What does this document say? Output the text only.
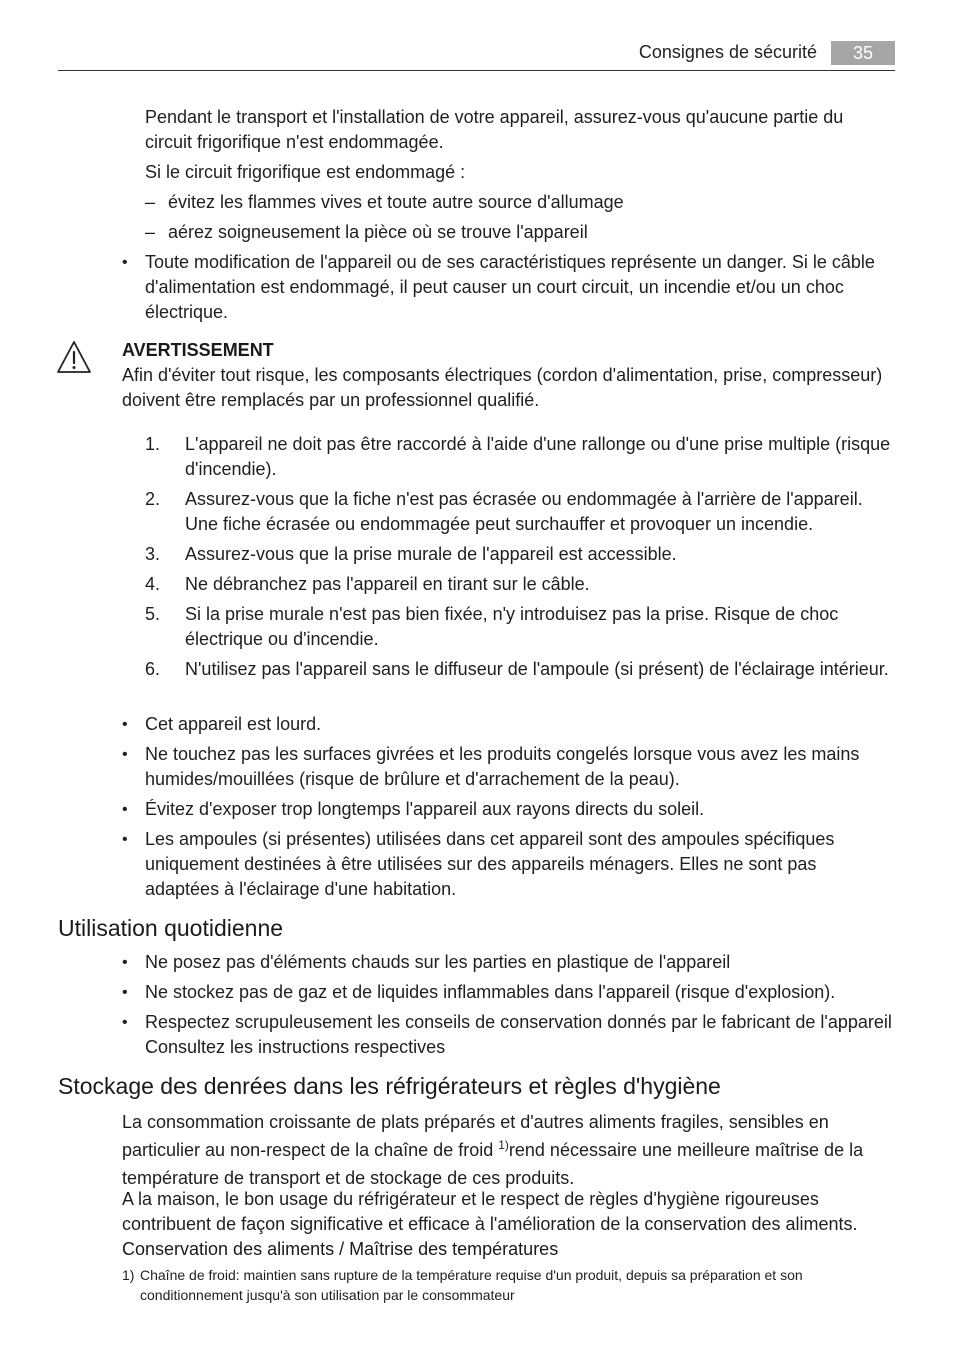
Consignes de sécurité	35
Pendant le transport et l'installation de votre appareil, assurez-vous qu'aucune partie du circuit frigorifique n'est endommagée.
Si le circuit frigorifique est endommagé :
– évitez les flammes vives et toute autre source d'allumage
– aérez soigneusement la pièce où se trouve l'appareil
• Toute modification de l'appareil ou de ses caractéristiques représente un danger. Si le câble d'alimentation est endommagé, il peut causer un court circuit, un incendie et/ou un choc électrique.
AVERTISSEMENT
Afin d'éviter tout risque, les composants électriques (cordon d'alimentation, prise, compresseur) doivent être remplacés par un professionnel qualifié.
1.	L'appareil ne doit pas être raccordé à l'aide d'une rallonge ou d'une prise multiple (risque d'incendie).
2.	Assurez-vous que la fiche n'est pas écrasée ou endommagée à l'arrière de l'appareil. Une fiche écrasée ou endommagée peut surchauffer et provoquer un incendie.
3.	Assurez-vous que la prise murale de l'appareil est accessible.
4.	Ne débranchez pas l'appareil en tirant sur le câble.
5.	Si la prise murale n'est pas bien fixée, n'y introduisez pas la prise. Risque de choc électrique ou d'incendie.
6.	N'utilisez pas l'appareil sans le diffuseur de l'ampoule (si présent) de l'éclairage intérieur.
• Cet appareil est lourd.
• Ne touchez pas les surfaces givrées et les produits congelés lorsque vous avez les mains humides/mouillées (risque de brûlure et d'arrachement de la peau).
• Évitez d'exposer trop longtemps l'appareil aux rayons directs du soleil.
• Les ampoules (si présentes) utilisées dans cet appareil sont des ampoules spécifiques uniquement destinées à être utilisées sur des appareils ménagers. Elles ne sont pas adaptées à l'éclairage d'une habitation.
Utilisation quotidienne
• Ne posez pas d'éléments chauds sur les parties en plastique de l'appareil
• Ne stockez pas de gaz et de liquides inflammables dans l'appareil (risque d'explosion).
• Respectez scrupuleusement les conseils de conservation donnés par le fabricant de l'appareil Consultez les instructions respectives
Stockage des denrées dans les réfrigérateurs et règles d'hygiène
La consommation croissante de plats préparés et d'autres aliments fragiles, sensibles en particulier au non-respect de la chaîne de froid $^{1)}$rend nécessaire une meilleure maîtrise de la température de transport et de stockage de ces produits.
A la maison, le bon usage du réfrigérateur et le respect de règles d'hygiène rigoureuses contribuent de façon significative et efficace à l'amélioration de la conservation des aliments.
Conservation des aliments / Maîtrise des températures
1) Chaîne de froid: maintien sans rupture de la température requise d'un produit, depuis sa préparation et son conditionnement jusqu'à son utilisation par le consommateur
